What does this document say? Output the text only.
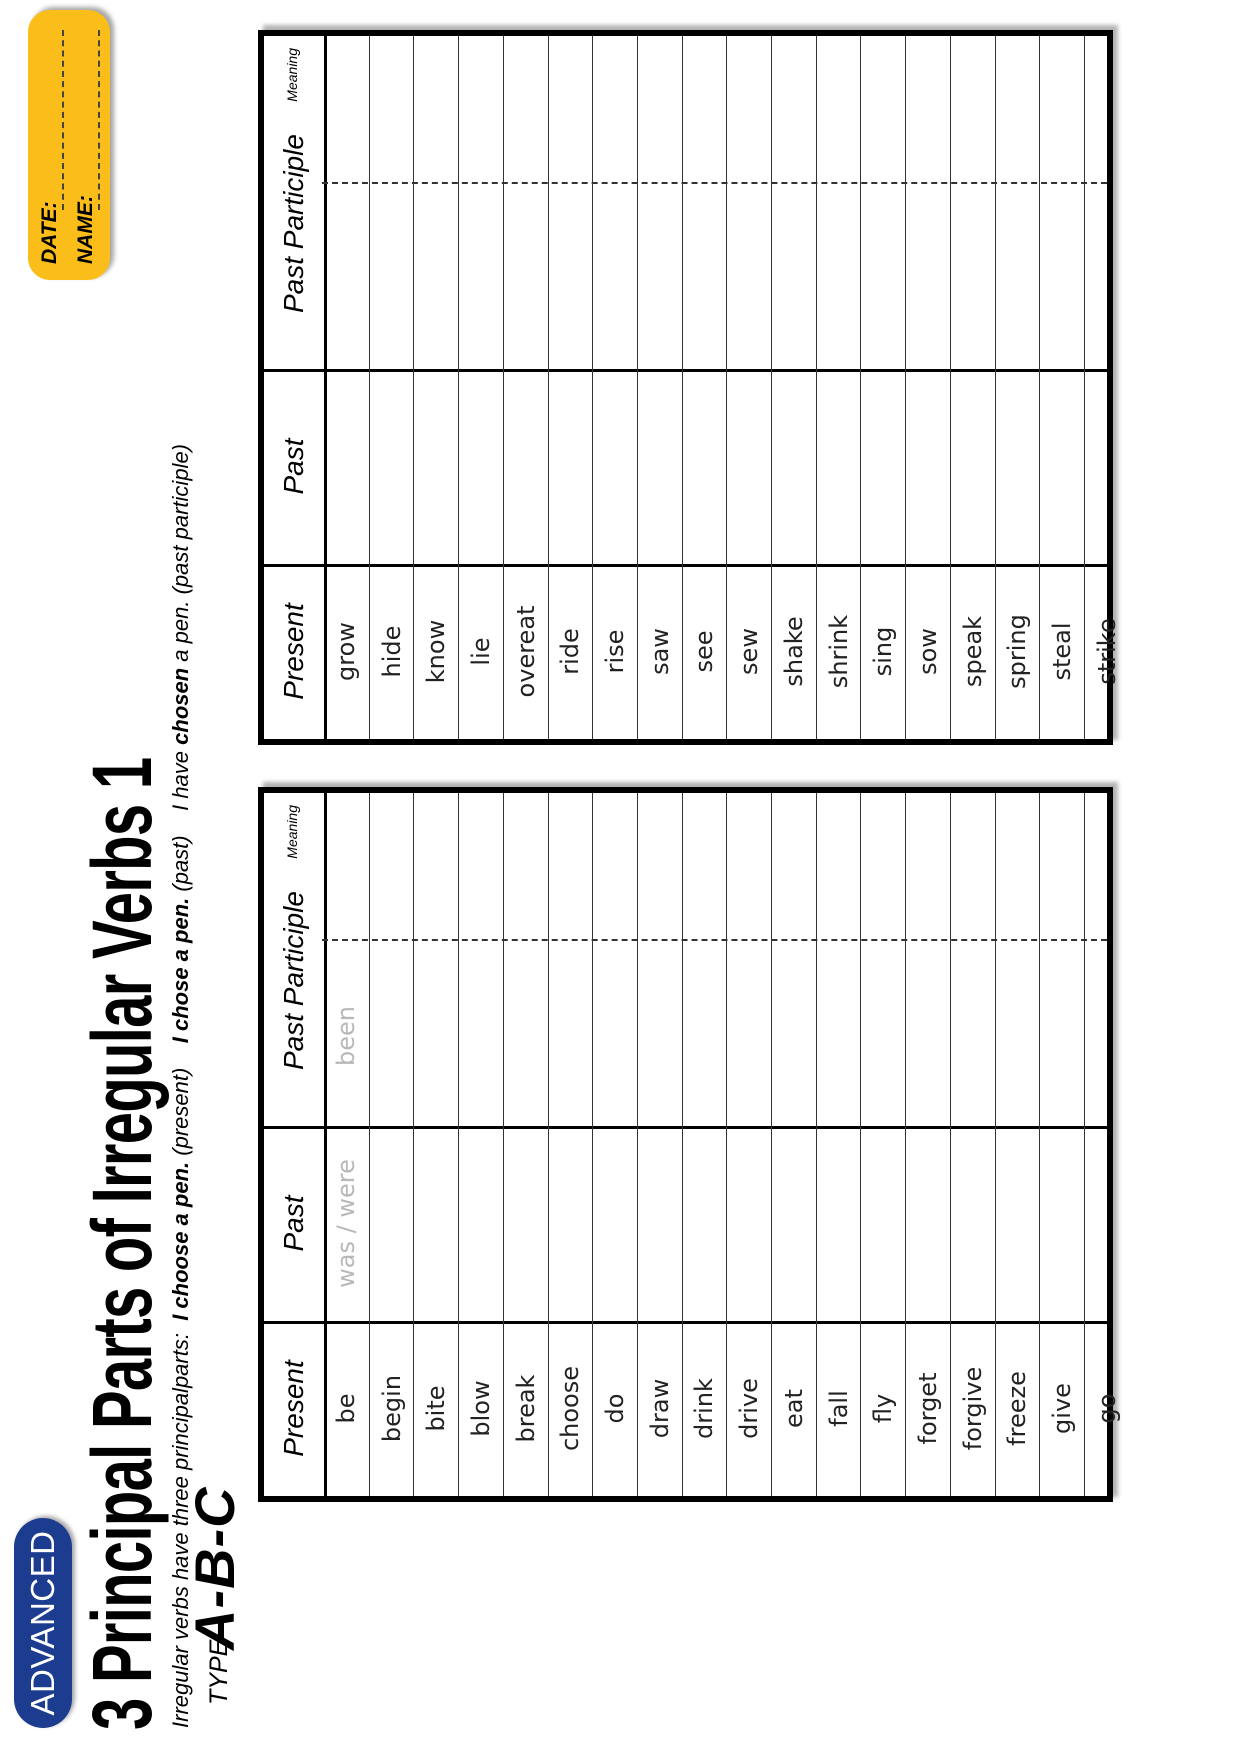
ADVANCED 3 Principal Parts of Irregular Verbs 1 Irregular verbs have three principalparts:  I choose a pen. (present)    I chose a pen. (past)    I have chosen a pen. (past participle)
TYPE
A-B-C
DATE: NAME:
Present
Past
Past Participle
Meaning
be
was / were
been
begin bite blow break choose do draw drink drive eat fall fly forget forgive freeze give go
Present
Past
Past Participle
Meaning
grow hide know lie overeat ride rise saw see sew shake shrink sing sow speak spring steal strike
